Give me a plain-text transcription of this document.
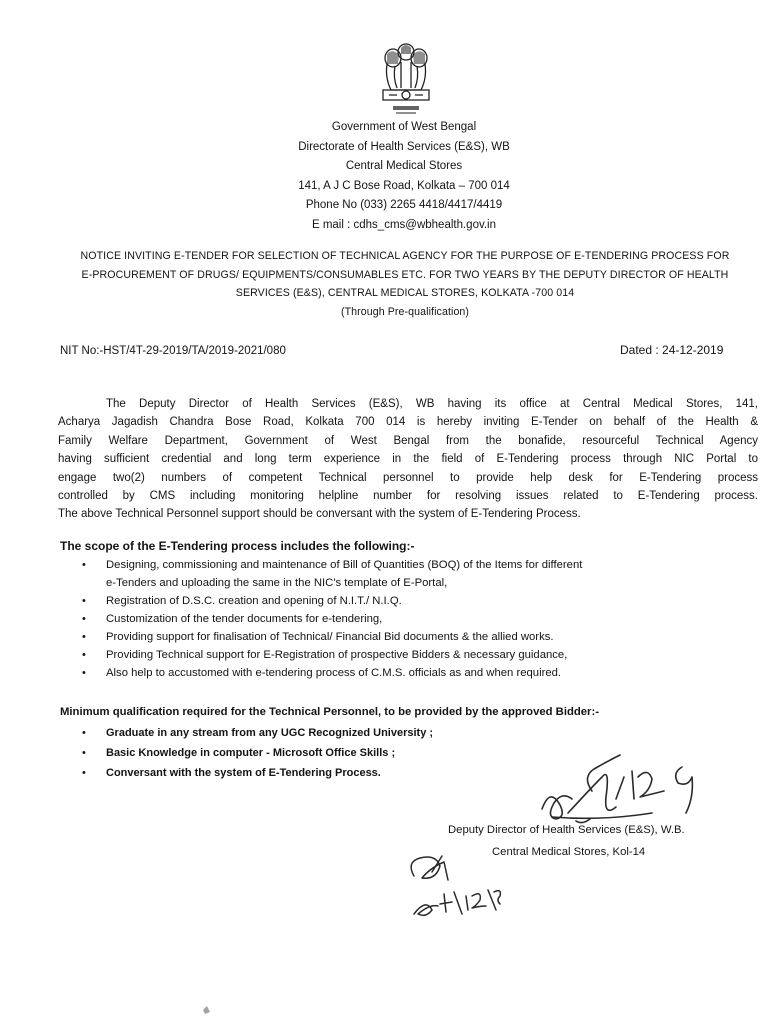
Government of West Bengal
Directorate of Health Services (E&S), WB
Central Medical Stores
141, A J C Bose Road, Kolkata – 700 014
Phone No (033) 2265 4418/4417/4419
E mail : cdhs_cms@wbhealth.gov.in
NOTICE INVITING E-TENDER FOR SELECTION OF TECHNICAL AGENCY FOR THE PURPOSE OF E-TENDERING PROCESS FOR
E-PROCUREMENT OF DRUGS/ EQUIPMENTS/CONSUMABLES ETC. FOR TWO YEARS BY THE DEPUTY DIRECTOR OF HEALTH
SERVICES (E&S), CENTRAL MEDICAL STORES, KOLKATA -700 014
(Through Pre-qualification)
NIT No:-HST/4T-29-2019/TA/2019-2021/080	Dated : 24-12-2019
The Deputy Director of Health Services (E&S), WB having its office at Central Medical Stores, 141,
Acharya Jagadish Chandra Bose Road, Kolkata 700 014 is hereby inviting E-Tender on behalf of the Health &
Family Welfare Department, Government of West Bengal from the bonafide, resourceful Technical Agency
having sufficient credential and long term experience in the field of E-Tendering process through NIC Portal to
engage two(2) numbers of competent Technical personnel to provide help desk for E-Tendering process
controlled by CMS including monitoring helpline number for resolving issues related to E-Tendering process.
The above Technical Personnel support should be conversant with the system of E-Tendering Process.
The scope of the E-Tendering process includes the following:-
• Designing, commissioning and maintenance of Bill of Quantities (BOQ) of the Items for different
e-Tenders and uploading the same in the NIC's template of E-Portal,
• Registration of D.S.C. creation and opening of N.I.T./ N.I.Q.
• Customization of the tender documents for e-tendering,
• Providing support for finalisation of Technical/ Financial Bid documents & the allied works.
• Providing Technical support for E-Registration of prospective Bidders & necessary guidance,
• Also help to accustomed with e-tendering process of C.M.S. officials as and when required.
Minimum qualification required for the Technical Personnel, to be provided by the approved Bidder:-
• Graduate in any stream from any UGC Recognized University ;
• Basic Knowledge in computer - Microsoft Office Skills ;
• Conversant with the system of E-Tendering Process.
Deputy Director of Health Services (E&S), W.B.
Central Medical Stores, Kol-14
